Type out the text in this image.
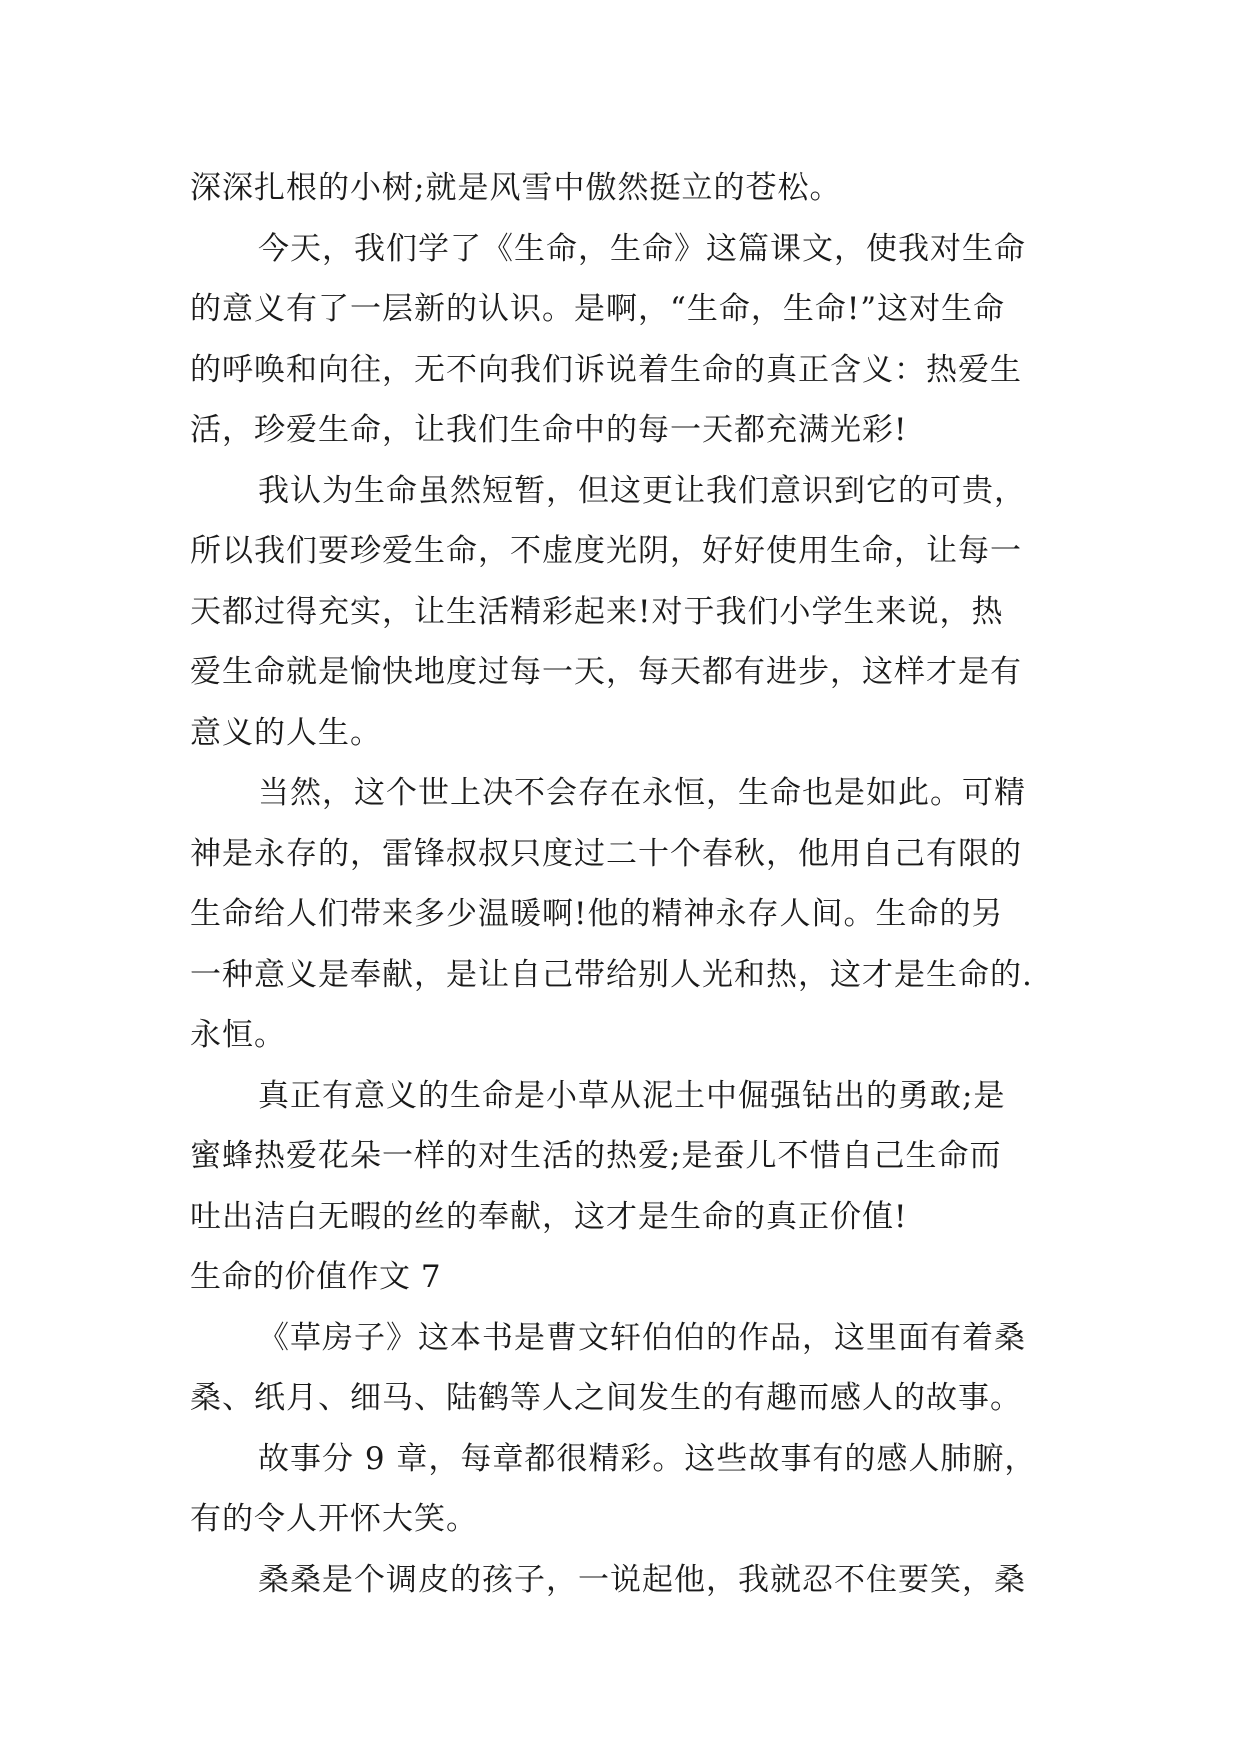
深深扎根的小树;就是风雪中傲然挺立的苍松。
今天，我们学了《生命，生命》这篇课文，使我对生命
的意义有了一层新的认识。是啊，“生命，生命!”这对生命
的呼唤和向往，无不向我们诉说着生命的真正含义：热爱生
活，珍爱生命，让我们生命中的每一天都充满光彩!
我认为生命虽然短暂，但这更让我们意识到它的可贵，
所以我们要珍爱生命，不虚度光阴，好好使用生命，让每一
天都过得充实，让生活精彩起来!对于我们小学生来说，热
爱生命就是愉快地度过每一天，每天都有进步，这样才是有
意义的人生。
当然，这个世上决不会存在永恒，生命也是如此。可精
神是永存的，雷锋叔叔只度过二十个春秋，他用自己有限的
生命给人们带来多少温暖啊!他的精神永存人间。生命的另
一种意义是奉献，是让自己带给别人光和热，这才是生命的.
永恒。
真正有意义的生命是小草从泥土中倔强钻出的勇敢;是
蜜蜂热爱花朵一样的对生活的热爱;是蚕儿不惜自己生命而
吐出洁白无暇的丝的奉献，这才是生命的真正价值!
生命的价值作文 7
《草房子》这本书是曹文轩伯伯的作品，这里面有着桑
桑、纸月、细马、陆鹤等人之间发生的有趣而感人的故事。
故事分 9 章，每章都很精彩。这些故事有的感人肺腑，
有的令人开怀大笑。
桑桑是个调皮的孩子，一说起他，我就忍不住要笑，桑
